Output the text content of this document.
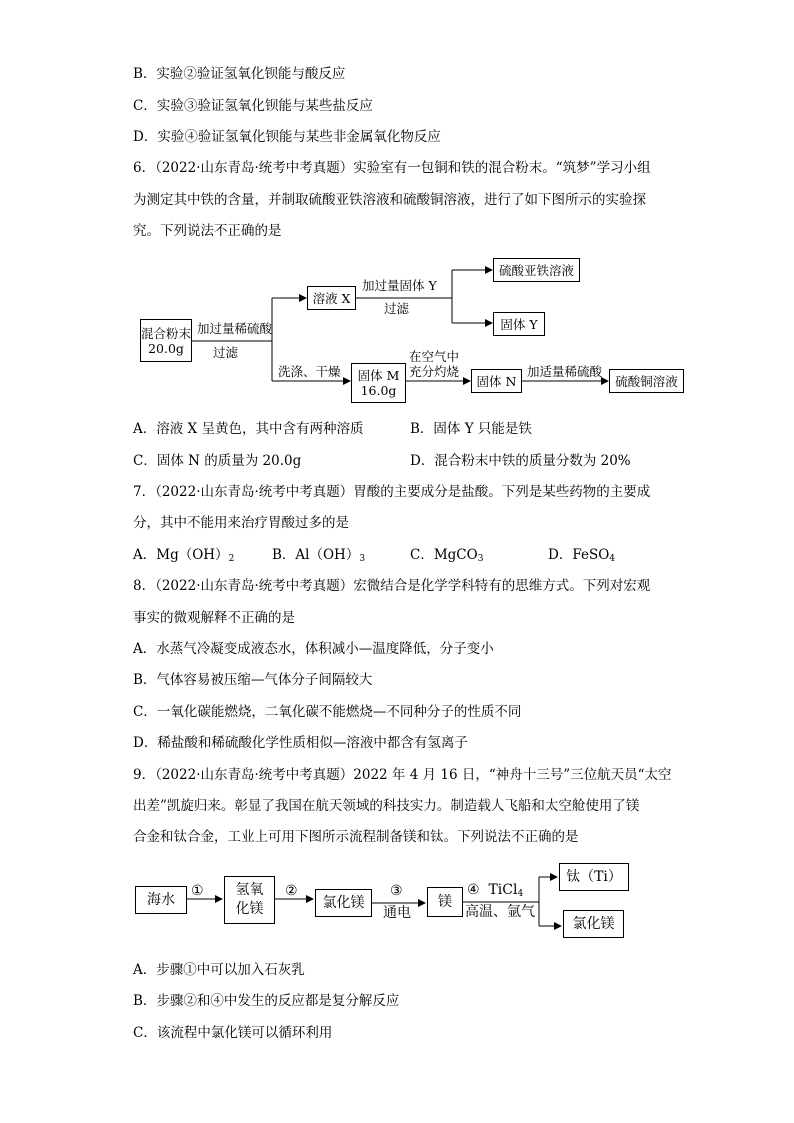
B．实验②验证氢氧化钡能与酸反应
C．实验③验证氢氧化钡能与某些盐反应
D．实验④验证氢氧化钡能与某些非金属氧化物反应
6．（2022·山东青岛·统考中考真题）实验室有一包铜和铁的混合粉末。“筑梦”学习小组
为测定其中铁的含量，并制取硫酸亚铁溶液和硫酸铜溶液，进行了如下图所示的实验探
究。下列说法不正确的是
混合粉末
20.0g
加过量稀硫酸
过滤
溶液 X
加过量固体 Y
过滤
硫酸亚铁溶液
固体 Y
洗涤、干燥 固体 M
16.0g
在空气中
充分灼烧
固体 N
加适量稀硫酸
硫酸铜溶液
A．溶液 X 呈黄色，其中含有两种溶质	B．固体 Y 只能是铁
C．固体 N 的质量为 20.0g	D．混合粉末中铁的质量分数为 20%
7．（2022·山东青岛·统考中考真题）胃酸的主要成分是盐酸。下列是某些药物的主要成
分，其中不能用来治疗胃酸过多的是
A．$Mg(OH)_2$	B．$Al(OH)_3$	C．MgCO$_3$	D．FeSO$_4$
8．（2022·山东青岛·统考中考真题）宏微结合是化学学科特有的思维方式。下列对宏观
事实的微观解释不正确的是
A．水蒸气冷凝变成液态水，体积减小—温度降低，分子变小
B．气体容易被压缩—气体分子间隔较大
C．一氧化碳能燃烧，二氧化碳不能燃烧—不同种分子的性质不同
D．稀盐酸和稀硫酸化学性质相似—溶液中都含有氢离子
9．（2022·山东青岛·统考中考真题）2022 年 4 月 16 日，“神舟十三号”三位航天员“太空
出差”凯旋归来。彰显了我国在航天领域的科技实力。制造载人飞船和太空舱使用了镁
合金和钛合金，工业上可用下图所示流程制备镁和钛。下列说法不正确的是
海水
① 氢氧
化镁
②
氯化镁
③
通电
镁
④ TiCl$_4$
高温、氩气
钛（Ti）
氯化镁
A．步骤①中可以加入石灰乳
B．步骤②和④中发生的反应都是复分解反应
C．该流程中氯化镁可以循环利用
